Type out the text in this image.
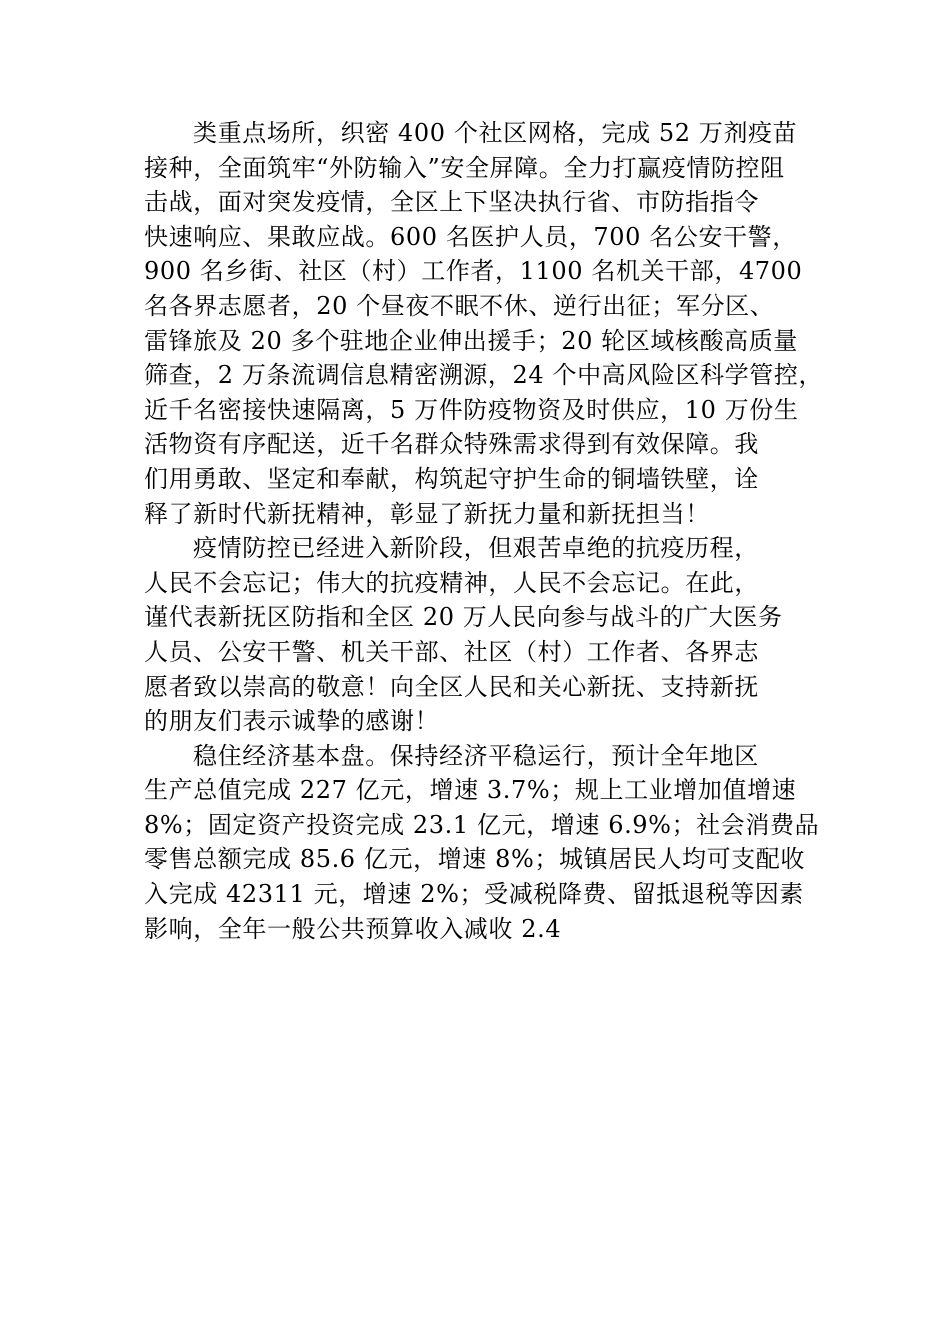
类重点场所，织密 400 个社区网格，完成 52 万剂疫苗
接种，全面筑牢“外防输入”安全屏障。全力打赢疫情防控阻
击战，面对突发疫情，全区上下坚决执行省、市防指指令
快速响应、果敢应战。600 名医护人员，700 名公安干警，
900 名乡街、社区（村）工作者，1100 名机关干部，4700
名各界志愿者，20 个昼夜不眠不休、逆行出征；军分区、
雷锋旅及 20 多个驻地企业伸出援手；20 轮区域核酸高质量
筛查，2 万条流调信息精密溯源，24 个中高风险区科学管控，
近千名密接快速隔离，5 万件防疫物资及时供应，10 万份生
活物资有序配送，近千名群众特殊需求得到有效保障。我
们用勇敢、坚定和奉献，构筑起守护生命的铜墙铁壁，诠
释了新时代新抚精神，彰显了新抚力量和新抚担当！
疫情防控已经进入新阶段，但艰苦卓绝的抗疫历程，
人民不会忘记；伟大的抗疫精神，人民不会忘记。在此，
谨代表新抚区防指和全区 20 万人民向参与战斗的广大医务
人员、公安干警、机关干部、社区（村）工作者、各界志
愿者致以崇高的敬意！向全区人民和关心新抚、支持新抚
的朋友们表示诚挚的感谢！
稳住经济基本盘。保持经济平稳运行，预计全年地区
生产总值完成 227 亿元，增速 3.7%；规上工业增加值增速
8%；固定资产投资完成 23.1 亿元，增速 6.9%；社会消费品
零售总额完成 85.6 亿元，增速 8%；城镇居民人均可支配收
入完成 42311 元，增速 2%；受减税降费、留抵退税等因素
影响，全年一般公共预算收入减收 2.4
